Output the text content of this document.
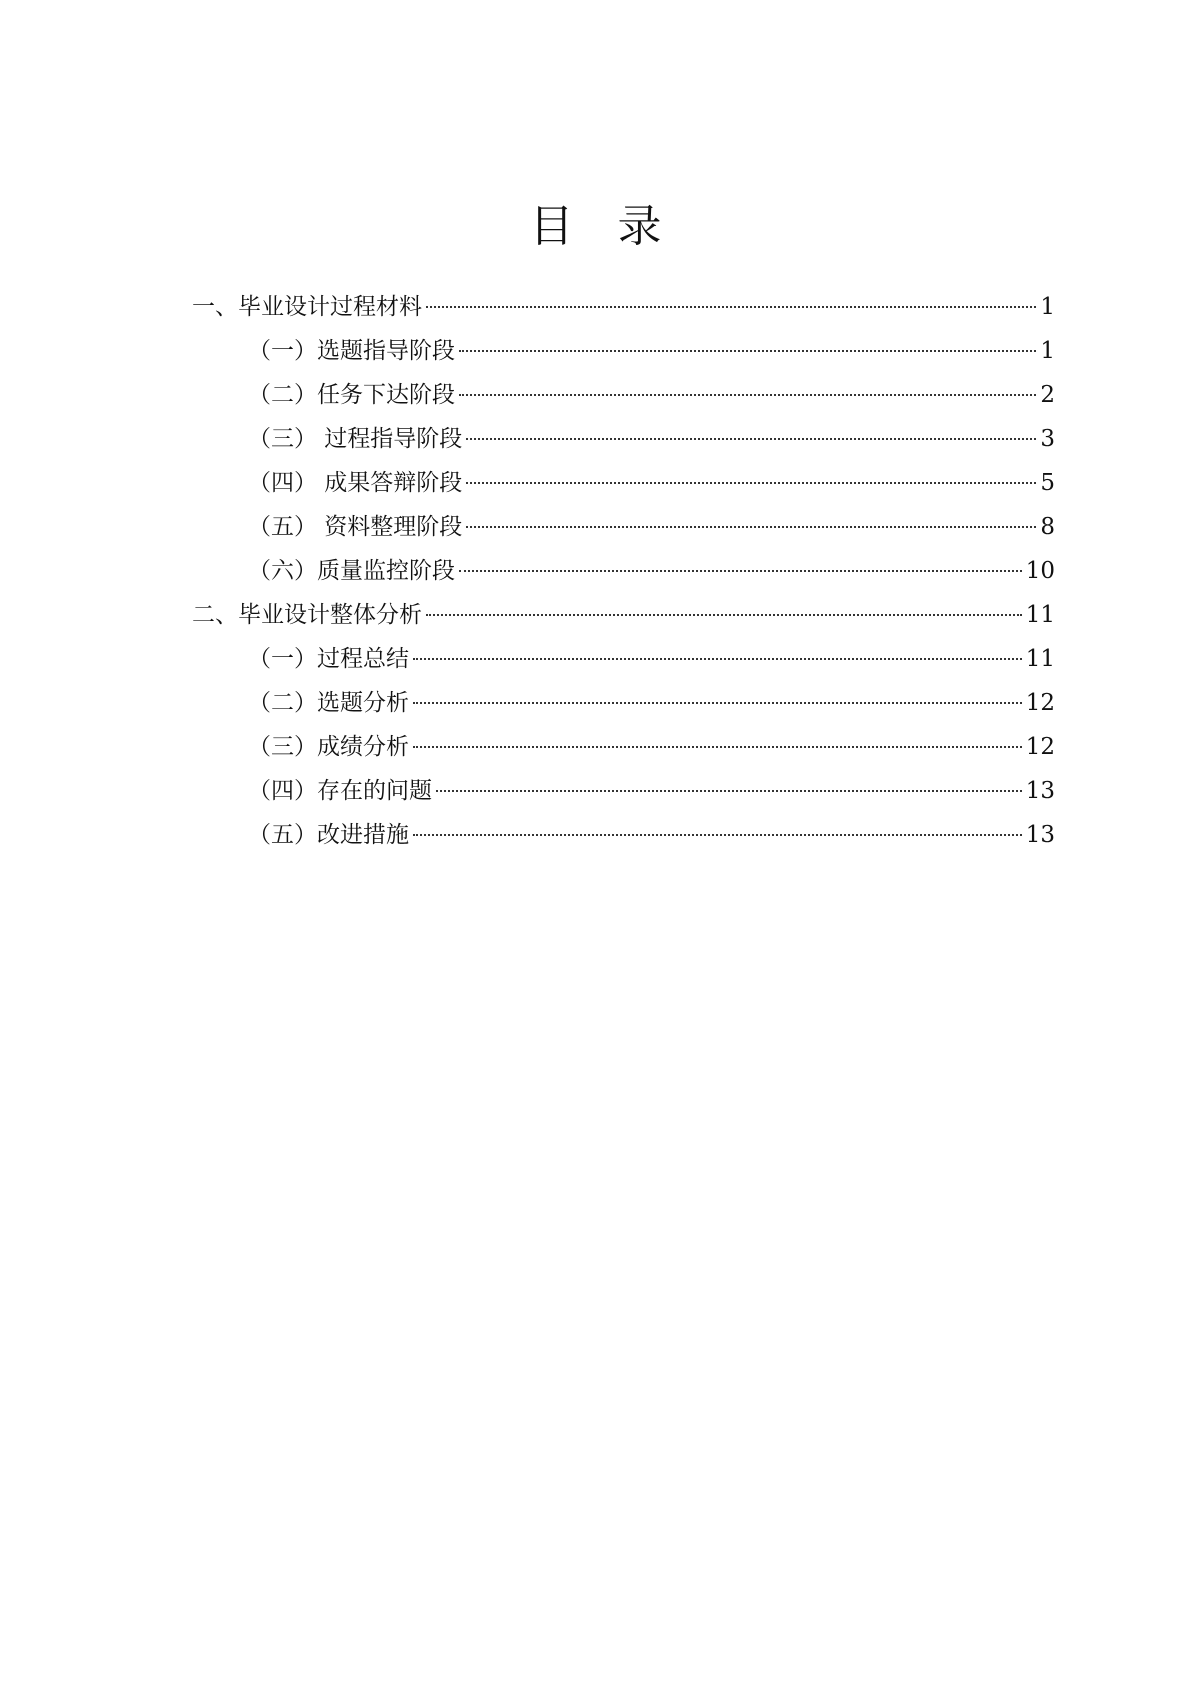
目 录
一、毕业设计过程材料	1
（一）选题指导阶段	1
（二）任务下达阶段	2
（三） 过程指导阶段	3
（四） 成果答辩阶段	5
（五） 资料整理阶段	8
（六）质量监控阶段	10
二、毕业设计整体分析	11
（一）过程总结	11
（二）选题分析	12
（三）成绩分析	12
（四）存在的问题	13
（五）改进措施	13
